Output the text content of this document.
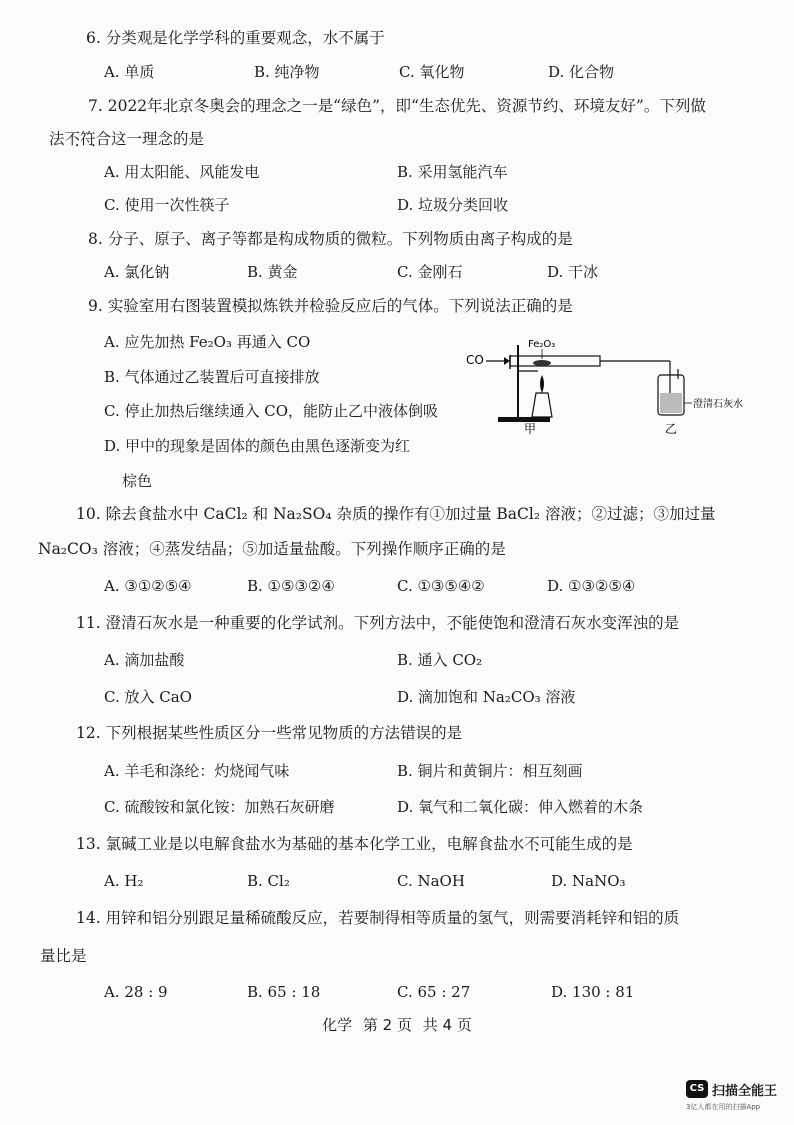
6. 分类观是化学学科的重要观念，水不属于
A. 单质	B. 纯净物	C. 氧化物	D. 化合物
7. 2022年北京冬奥会的理念之一是“绿色”，即“生态优先、资源节约、环境友好”。下列做
法不符合 • •这一理念的是
A. 用太阳能、风能发电	B. 采用氢能汽车
C. 使用一次性筷子	D. 垃圾分类回收
8. 分子、原子、离子等都是构成物质的微粒。下列物质由离子构成的是
A. 氯化钠	B. 黄金	C. 金刚石	D. 干冰
9. 实验室用右图装置模拟炼铁并检验反应后的气体。下列说法正确的是
A. 应先加热 Fe₂O₃ 再通入 CO
B. 气体通过乙装置后可直接排放
C. 停止加热后继续通入 CO，能防止乙中液体倒吸
D. 甲中的现象是固体的颜色由黑色逐渐变为红
棕色
CO
Fe₂O₃
澄清石灰水
甲	乙
10. 除去食盐水中 CaCl₂ 和 Na₂SO₄ 杂质的操作有①加过量 BaCl₂ 溶液；②过滤；③加过量
Na₂CO₃ 溶液；④蒸发结晶；⑤加适量盐酸。下列操作顺序正确的是
A. ③①②⑤④	B. ①⑤③②④	C. ①③⑤④②	D. ①③②⑤④
11. 澄清石灰水是一种重要的化学试剂。下列方法中，不能 • •使饱和澄清石灰水变浑浊的是
A. 滴加盐酸	B. 通入 CO₂
C. 放入 CaO	D. 滴加饱和 Na₂CO₃ 溶液
12. 下列根据某些性质区分一些常见物质的方法错误的是
A. 羊毛和涤纶：灼烧闻气味	B. 铜片和黄铜片：相互刻画
C. 硫酸铵和氯化铵：加熟石灰研磨	D. 氧气和二氧化碳：伸入燃着的木条
13. 氯碱工业是以电解食盐水为基础的基本化学工业，电解食盐水不可能 • •生成的是
A. H₂	B. Cl₂	C. NaOH	D. NaNO₃
14. 用锌和铝分别跟足量稀硫酸反应，若要制得相等质量的氢气，则需要消耗锌和铝的质
量比是
A. 28 : 9	B. 65 : 18	C. 65 : 27	D. 130 : 81
化学 第 2 页 共 4 页
CS 扫描全能王
3亿人都在用的扫描App
